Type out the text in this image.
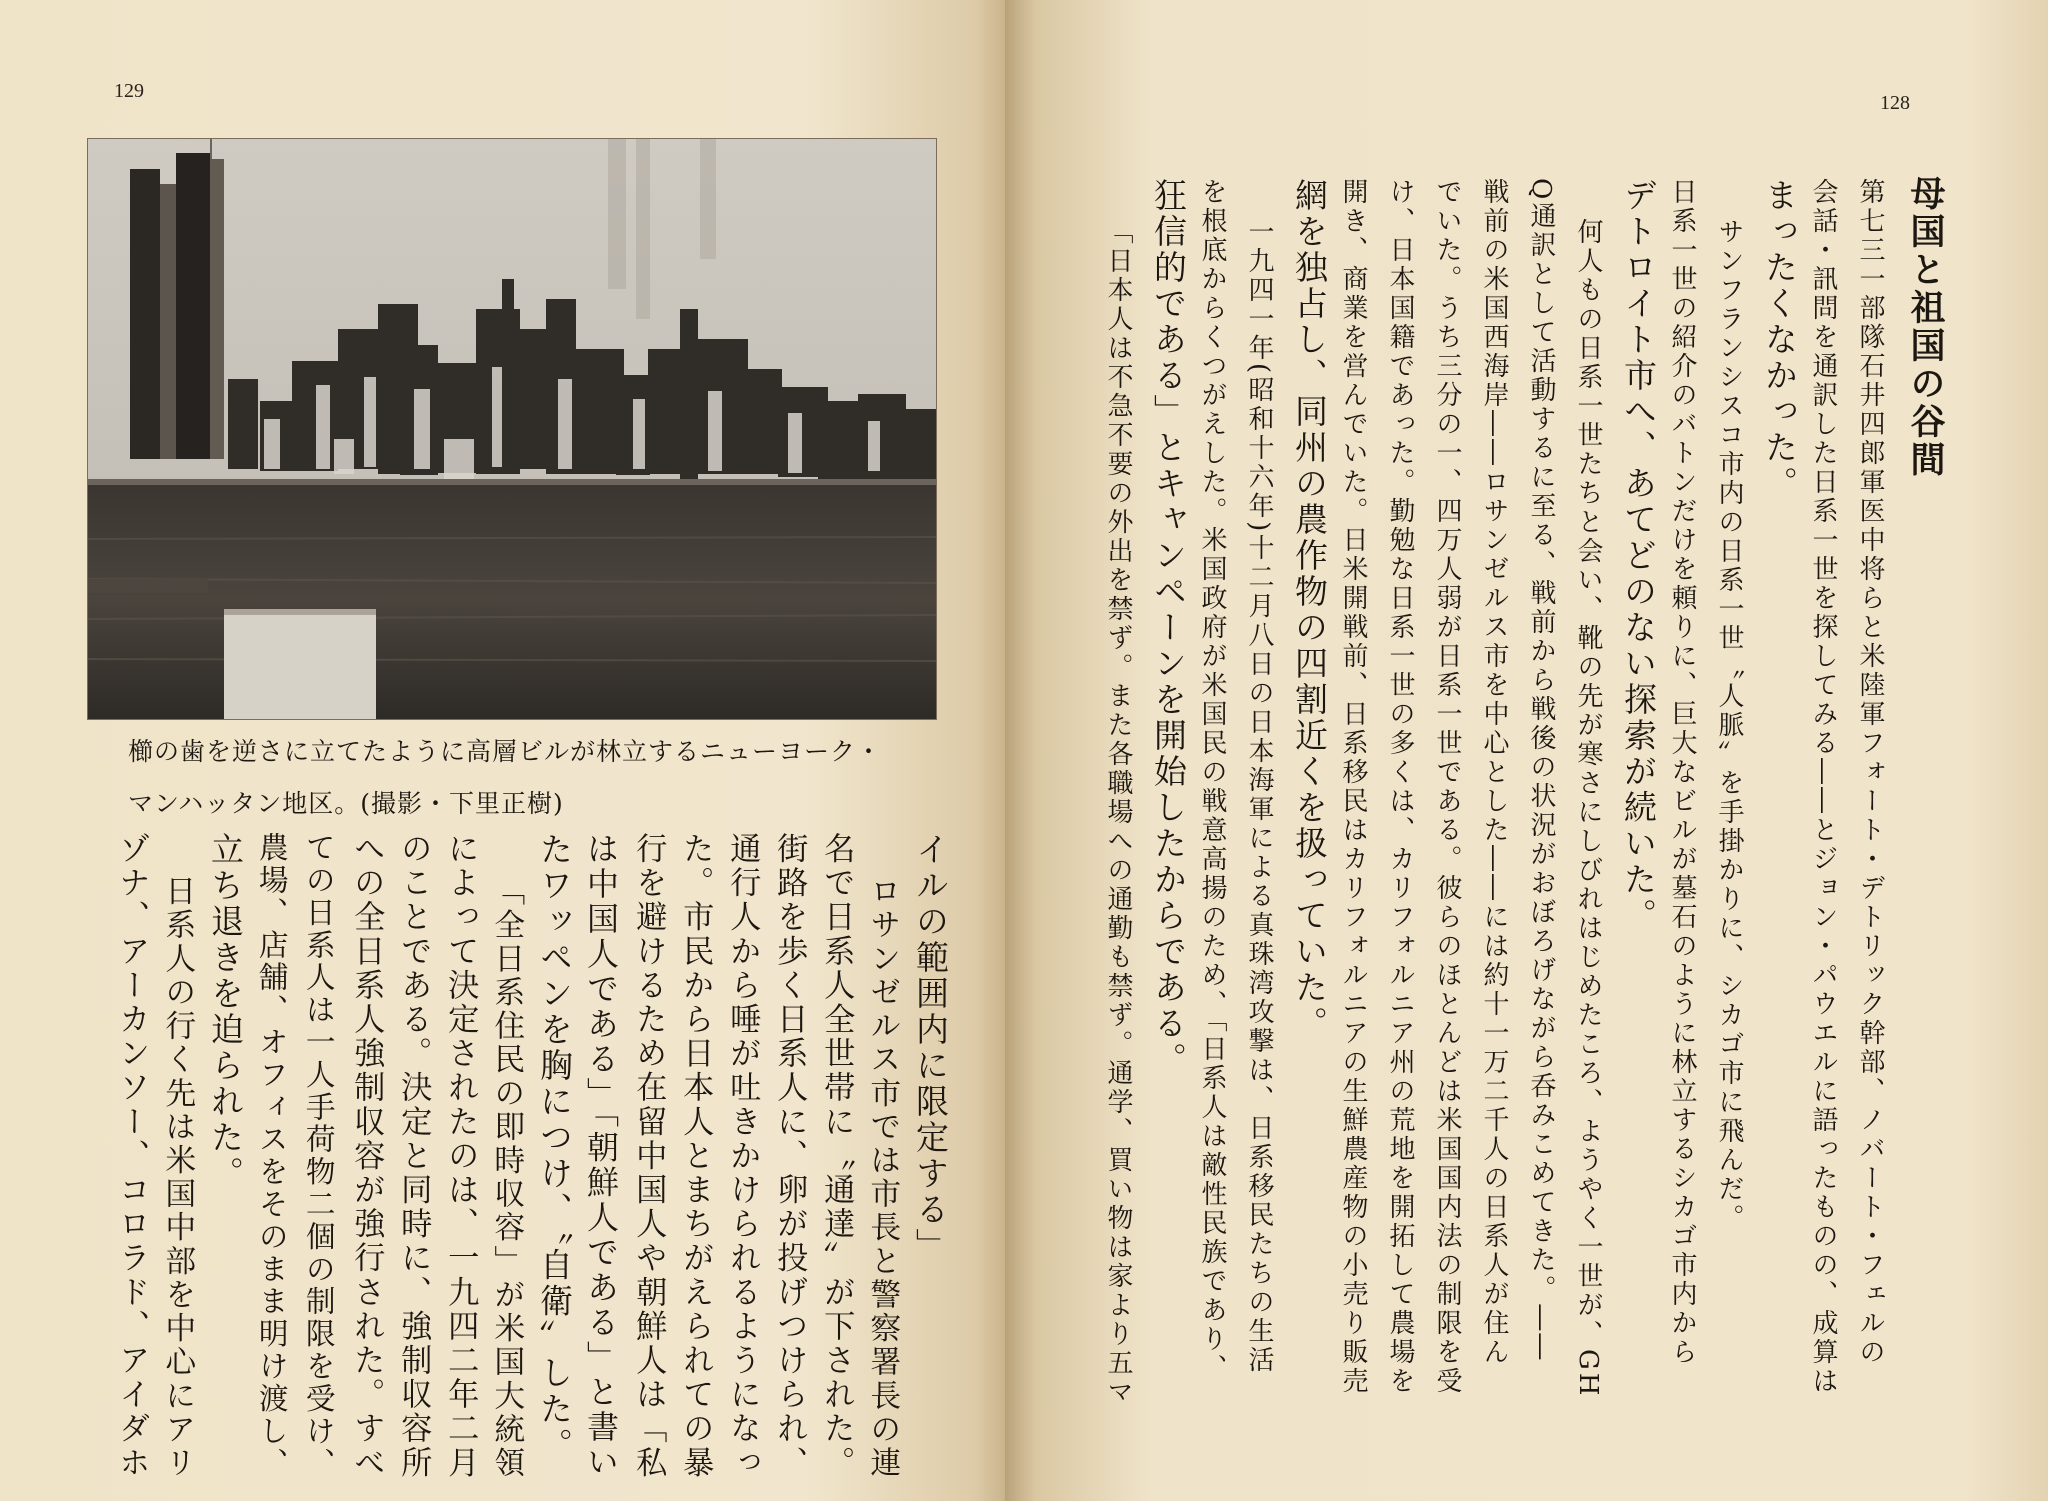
129
櫛の歯を逆さに立てたように高層ビルが林立するニューヨーク・
マンハッタン地区。(撮影・下里正樹)
イルの範囲内に限定する」
ロサンゼルス市では市長と警察署長の連
名で日系人全世帯に〝通達〟が下された。
街路を歩く日系人に、卵が投げつけられ、
通行人から唾が吐きかけられるようになっ
た。市民から日本人とまちがえられての暴
行を避けるため在留中国人や朝鮮人は「私
は中国人である」「朝鮮人である」と書い
たワッペンを胸につけ、〝自衛〟した。
「全日系住民の即時収容」が米国大統領
によって決定されたのは、一九四二年二月
のことである。決定と同時に、強制収容所
への全日系人強制収容が強行された。すべ
ての日系人は一人手荷物二個の制限を受け、
農場、店舗、オフィスをそのまま明け渡し、
立ち退きを迫られた。
日系人の行く先は米国中部を中心にアリ
ゾナ、アーカンソー、コロラド、アイダホ
128
母国と祖国の谷間
第七三一部隊石井四郎軍医中将らと米陸軍フォート・デトリック幹部、ノバート・フェルの
会話・訊問を通訳した日系一世を探してみる――とジョン・パウエルに語ったものの、成算は
まったくなかった。
サンフランシスコ市内の日系一世〝人脈〟を手掛かりに、シカゴ市に飛んだ。
日系一世の紹介のバトンだけを頼りに、巨大なビルが墓石のように林立するシカゴ市内から
デトロイト市へ、あてどのない探索が続いた。
何人もの日系一世たちと会い、靴の先が寒さにしびれはじめたころ、ようやく一世が、GH
Q通訳として活動するに至る、戦前から戦後の状況がおぼろげながら呑みこめてきた。――
戦前の米国西海岸――ロサンゼルス市を中心とした――には約十一万二千人の日系人が住ん
でいた。うち三分の一、四万人弱が日系一世である。彼らのほとんどは米国国内法の制限を受
け、日本国籍であった。勤勉な日系一世の多くは、カリフォルニア州の荒地を開拓して農場を
開き、商業を営んでいた。日米開戦前、日系移民はカリフォルニアの生鮮農産物の小売り販売
網を独占し、同州の農作物の四割近くを扱っていた。
一九四一年(昭和十六年)十二月八日の日本海軍による真珠湾攻撃は、日系移民たちの生活
を根底からくつがえした。米国政府が米国民の戦意高揚のため、「日系人は敵性民族であり、
狂信的である」とキャンペーンを開始したからである。
「日本人は不急不要の外出を禁ず。また各職場への通勤も禁ず。通学、買い物は家より五マ
